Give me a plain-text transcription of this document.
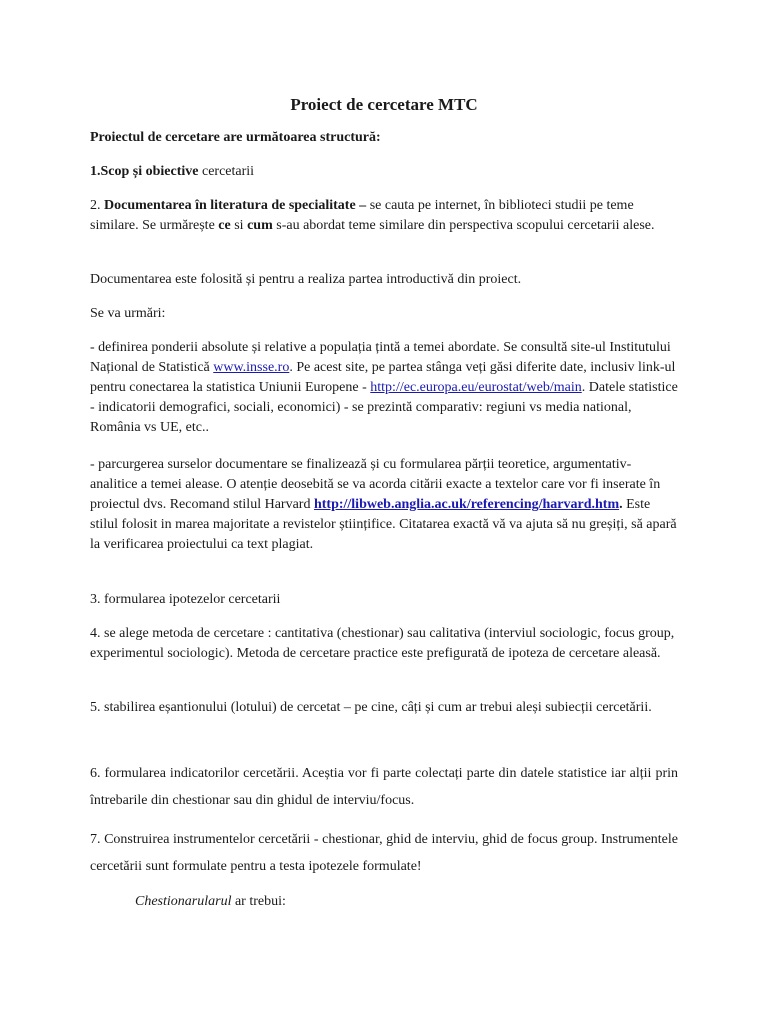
Proiect de cercetare MTC

Proiectul de cercetare are următoarea structură:

1.Scop și obiective cercetarii

2. Documentarea în literatura de specialitate – se cauta pe internet, în biblioteci studii pe teme similare. Se urmărește ce si cum s-au abordat teme similare din perspectiva scopului cercetarii alese.

Documentarea este folosită și pentru a realiza partea introductivă din proiect.

Se va urmări:

- definirea ponderii absolute și relative a populația țintă a temei abordate. Se consultă site-ul Institutului Național de Statistică www.insse.ro. Pe acest site, pe partea stânga veți găsi diferite date, inclusiv link-ul pentru conectarea la statistica Uniunii Europene - http://ec.europa.eu/eurostat/web/main. Datele statistice - indicatorii demografici, sociali, economici) - se prezintă comparativ: regiuni vs media national, România vs UE, etc..

- parcurgerea surselor documentare se finalizează și cu formularea părții teoretice, argumentativ-analitice a temei alease. O atenție deosebită se va acorda citării exacte a textelor care vor fi inserate în proiectul dvs. Recomand stilul Harvard http://libweb.anglia.ac.uk/referencing/harvard.htm. Este stilul folosit in marea majoritate a revistelor științifice. Citatarea exactă vă va ajuta să nu greșiți, să apară la verificarea proiectului ca text plagiat.

3. formularea ipotezelor cercetarii

4. se alege metoda de cercetare : cantitativa (chestionar) sau calitativa (interviul sociologic, focus group, experimentul sociologic). Metoda de cercetare practice este prefigurată de ipoteza de cercetare aleasă.

5. stabilirea eșantionului (lotului) de cercetat – pe cine, câți și cum ar trebui aleși subiecții cercetării.

6. formularea indicatorilor cercetării. Aceștia vor fi parte colectați parte din datele statistice iar alții prin întrebarile din chestionar sau din ghidul de interviu/focus.

7. Construirea instrumentelor cercetării - chestionar, ghid de interviu, ghid de focus group. Instrumentele cercetării sunt formulate pentru a testa ipotezele formulate!

Chestionarularul ar trebui:
